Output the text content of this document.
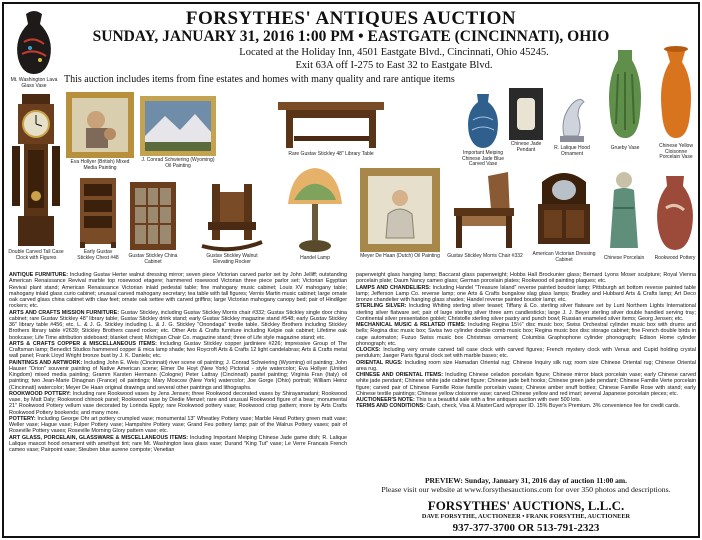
FORSYTHES' ANTIQUES AUCTION
SUNDAY, JANUARY 31, 2016 1:00 PM • EASTGATE (CINCINNATI), OHIO
Located at the Holiday Inn, 4501 Eastgate Blvd., Cincinnati, Ohio 45245.
Exit 63A off I-275 to East 32 to Eastgate Blvd.
This auction includes items from fine estates and homes with many quality and rare antique items
Mt. Washington Lava Glass Vase
Double Carved Tall Case Clock with Figures
Eva Hollyer (British) Mixed Media Painting
J. Conrad Schwiering (Wyoming) Oil Painting
Rare Gustav Stickley 48" Library Table	Important Meiping Chinese Jade Blue Carved Vase
Chinese Jade Pendant	R. Lalique Hood Ornament
Grueby Vase	Chinese Yellow Cloisonne Porcelain Vase
Early Gustav Stickley Chest #48	Gustav Stickley China Cabinet
Gustav Stickley Walnut Elevating Rocker
Handel Lamp	Meyer De Haan (Dutch) Oil Painting	Gustav Stickley Morris Chair #332	American Victorian Dressing Cabinet	Chinese Porcelain	Rookwood Pottery

ANTIQUE FURNITURE: Including Gustav Herter walnut dressing mirror; seven piece Victorian carved parlor set by John Jelliff; outstanding American Renaissance Revival marble top rosewood etagere; hammered rosewood Victorian three piece parlor set; Victorian Egyptian Revival plant stand; American Renaissance Victorian inlaid pedestal table; fine mahogany music cabinet; Louis XV mahogany table; mahogany inlaid glass curio cabinet; unusual carved mahogany secretary; tea table with tall figures; Vernis Martin music cabinet; large ornate oak carved glass china cabinet with claw feet; ornate oak settee with carved griffins; large Victorian mahogany canopy bed; pair of Hindilger rockers; etc.

ARTS AND CRAFTS MISSION FURNITURE: Gustav Stickley, including Gustav Stickley Morris chair #332; Gustav Stickley single door china cabinet; rare Gustav Stickley 48" library table; Gustav Stickley drink stand; early Gustav Stickley magazine stand #548; early Gustav Stickley 36" library table #456; etc. L. & J. G. Stickley including L. & J. G. Stickley "Onondaga" trestle table. Stickley Brothers including Stickley Brothers library table #2639; Stickley Brothers cased rocker; etc. Other Arts & Crafts furniture including Kelpie oak cabinet; Lifetime oak bookcase; Life Time attribution sideboard; blanket chest; Michigan Chair Co. magazine stand; three of Life style magazine stand; etc.

ARTS & CRAFTS COPPER & MISCELLANEOUS ITEMS: Including Gustav Stickley copper jardiniere #226; impressive Group of The Craftsman lamp; Benedict Studios hammered copper & mica lamp shade; two Roycroft Arts & Crafts 12 light candelabras; Arts & Crafts metal wall panel; Frank Lloyd Wright bronze bust by J. K. Daniels; etc.

PAINTINGS AND ARTWORK: Including John E. Weis (Cincinnati) river scene oil painting; J. Conrad Schwiering (Wyoming) oil painting; John Hauser "Orion" souvenir painting of Native American scene; Elmer De Hoyt (New York) Pictorial - style watercolor; Eva Hollyer (United Kingdom) mixed media painting; Gramm Karsten Hermann (Cologne) Peter Lattray (Cincinnati) pastel painting; Virginia Fran (Italy) oil painting; two Jean-Marie Dinagnan (France) oil paintings; Mary Moscow (New York) watercolor; Joe Gorge (Ohio) portrait; William Heinz (Cincinnati) watercolor; Meyer De Haan original drawings and several other paintings and lithographs.

ROOKWOOD POTTERY: Including rare Rookwood vases by Jens Jensen; three Rookwood decorated vases by Shirayamadani; Rookwood vase, by Matt Daly; Rookwood chinook panel; Rookwood vase by Diedie Menzel; rare and unusual Rookwood figure of a bear; monumental 21" Rookwood Pottery vellum vase decorated by Lorinda Epply; rare Rookwood pottery vase; Rookwood crisp pattern; more by Arts Crafts Rookwood Pottery bookends; and many more.

POTTERY: Including George Ohr art pottery crumpled vase; monumental 13" Wheatley Pottery vase; Marble Head Pottery green matt vase; Weller vase; Hague vase; Fulper Pottery vase; Hampshire Pottery vase; Grand Feu pottery lamp; pair of the Walrus Pottery vases; pair of Roseville Pottery vases; Roseville Morning Glory pattern vase; etc.

ART GLASS, PORCELAIN, GLASSWARE & MISCELLANEOUS ITEMS: Including Important Meiping Chinese Jade game dish; R. Lalique Lalique mascot hood ornament with amethyst tint; rare Mt. Washington lava glass vase; Durand "King Tut" vase; Le Verre Francais French cameo vase; Pairpoint vase; Steuben blue aurene compote; Venetian

paperweight glass hanging lamp; Baccarat glass paperweight; Hobbs Hall Brockunier glass; Bernard Lyons Moser sculpture; Royal Vienna porcelain plate; Daum Nancy cameo glass; German porcelain plates; Rookwood oil painting plaques; etc.

LAMPS AND CHANDELIERS: Including Handel "Treasure Island" reverse painted boudoir lamp; Pittsburgh art bottom reverse painted table lamp; Jefferson Lamp Co. reverse lamp; one Arts & Crafts bungalow slag glass lamps; Bradley and Hubbard Arts & Crafts lamp; Art Deco bronze chandelier with hanging glass shades; Handel reverse painted boudoir lamp; etc.

STERLING SILVER: Including Whiting sterling silver teaset; Tiffany & Co. sterling silver flatware set by Lunt Northern Lights International sterling silver flatware set; pair of large sterling silver three arm candlesticks; large J. J. Beyer sterling silver double handled serving tray; Continental silver presentation goblet; Christofle sterling silver pastry and punch bowl; Russian enameled silver items; Georg Jensen; etc.

MECHANICAL MUSIC & RELATED ITEMS: Including Regina 15½" disc music box; Swiss Orchestral cylinder music box with drums and bells; Regina disc music box; Swiss two cylinder double comb music box; Regina music box disc storage cabinet; fine French double birds in cage automaton; Fuzuo Swiss music box Christmas ornament; Columbia Graphophone cylinder phonograph; Edison Home cylinder phonograph; etc.

CLOCKS: Including very ornate carved tall case clock with carved figures; French mystery clock with Venus and Cupid holding crystal pendulum; Jaeger Paris figural clock set with marble bases; etc.

ORIENTAL RUGS: Including room size Hamadan Oriental rug; Chinese Inquiry silk rug; room size Chinese Oriental rug; Chinese Oriental area rug.

CHINESE AND ORIENTAL ITEMS: Including Chinese celadon porcelain figure; Chinese mirror black porcelain vase; early Chinese carved white jade pendant; Chinese white jade cabinet figure; Chinese jade belt hooks; Chinese green jade pendant; Chinese Famille Verte porcelain figure; carved pair of Chinese Famille Rose famille porcelain vases; Chinese amber snuff bottles; Chinese Famille Rose with stand; early Chinese textile paintings; Chinese yellow cloisonne vase; carved Chinese yellow and red imari; several Japanese porcelain pieces; etc.

AUCTIONEER'S NOTE: This is a beautiful sale with a fine antiques auction with over 500 lots.

TERMS AND CONDITIONS: Cash, check, Visa & MasterCard w/proper ID. 15% Buyer's Premium. 3% convenience fee for credit cards.

PREVIEW: Sunday, January 31, 2016 day of auction 11:00 am.
Please visit our website at www.forsythesauctions.com for over 350 photos and descriptions.
FORSYTHES' AUCTIONS, L.L.C.
DAVE FORSYTHE, AUCTIONEER • FRANK FORSYTHE, AUCTIONEER
937-377-3700 OR 513-791-2323
